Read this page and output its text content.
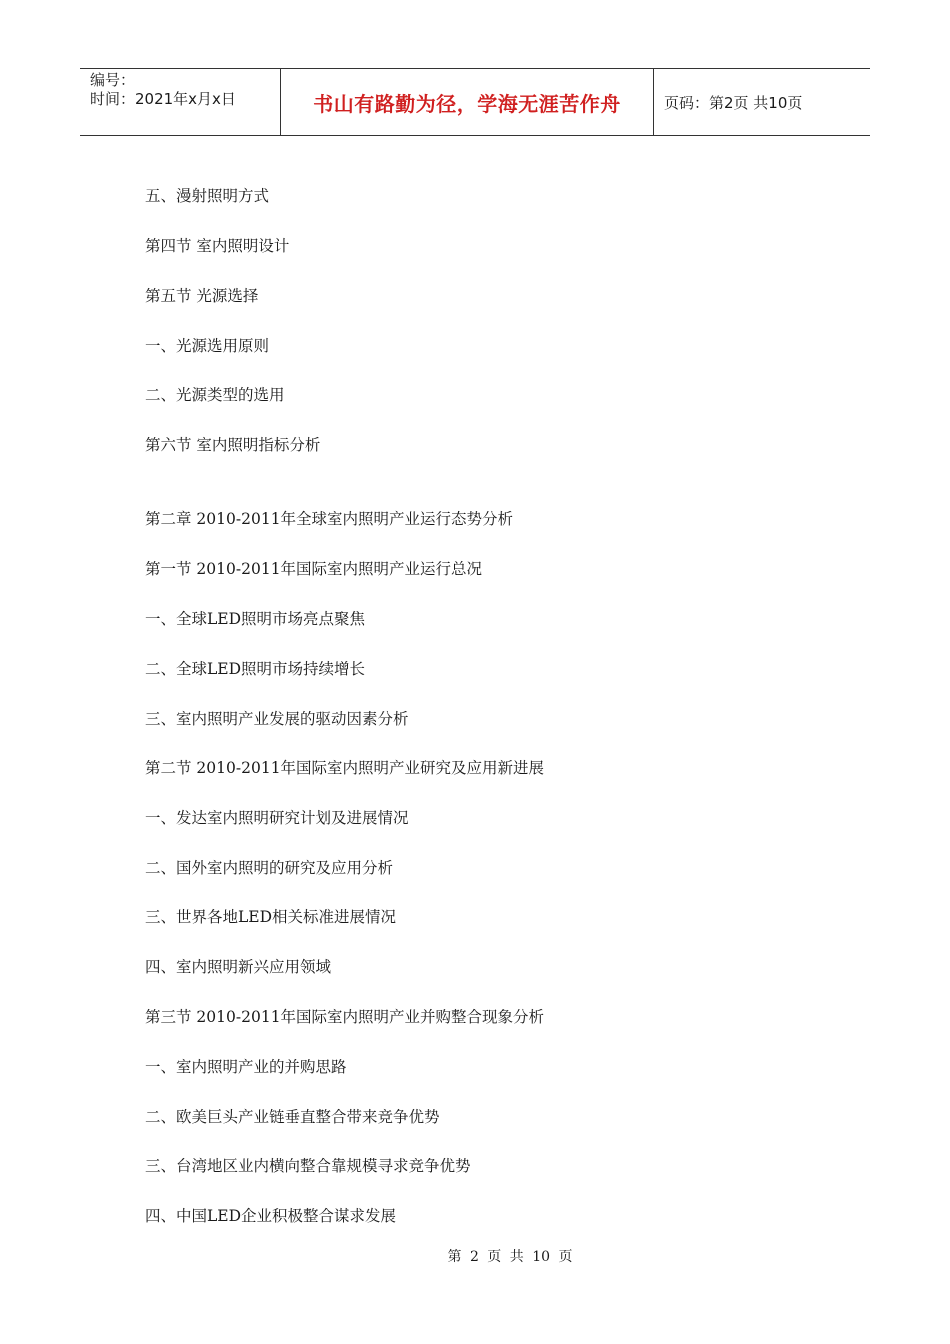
编号：
时间：2021年x月x日	书山有路勤为径，学海无涯苦作舟	页码：第2页 共10页
五、漫射照明方式
第四节 室内照明设计
第五节 光源选择
一、光源选用原则
二、光源类型的选用
第六节 室内照明指标分析
第二章 2010-2011年全球室内照明产业运行态势分析
第一节 2010-2011年国际室内照明产业运行总况
一、全球LED照明市场亮点聚焦
二、全球LED照明市场持续增长
三、室内照明产业发展的驱动因素分析
第二节 2010-2011年国际室内照明产业研究及应用新进展
一、发达室内照明研究计划及进展情况
二、国外室内照明的研究及应用分析
三、世界各地LED相关标准进展情况
四、室内照明新兴应用领域
第三节 2010-2011年国际室内照明产业并购整合现象分析
一、室内照明产业的并购思路
二、欧美巨头产业链垂直整合带来竞争优势
三、台湾地区业内横向整合靠规模寻求竞争优势
四、中国LED企业积极整合谋求发展
第 2 页 共 10 页
